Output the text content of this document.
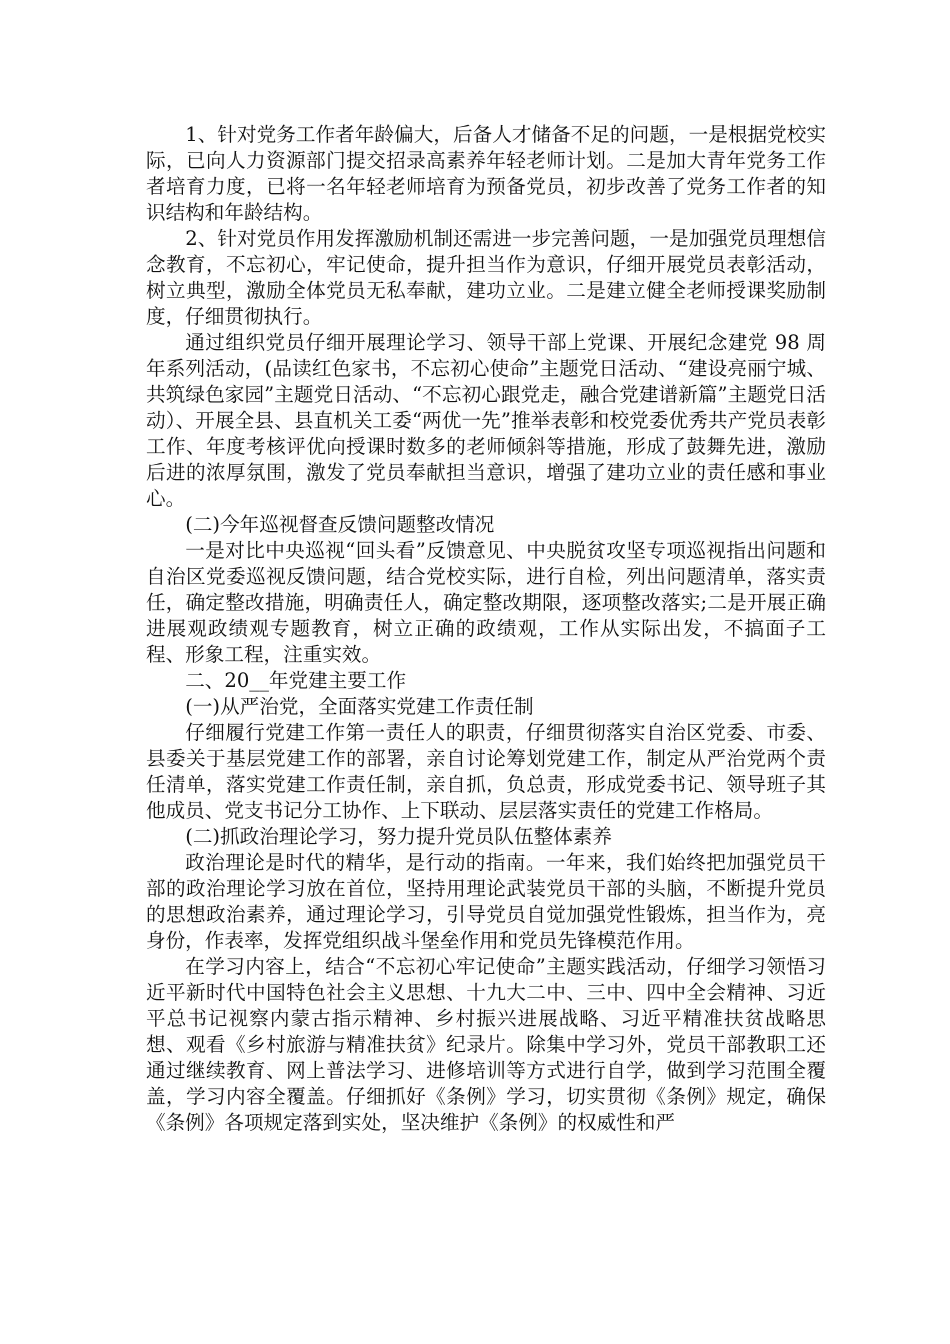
1、针对党务工作者年龄偏大，后备人才储备不足的问题，一是根据党校实际，已向人力资源部门提交招录高素养年轻老师计划。二是加大青年党务工作者培育力度，已将一名年轻老师培育为预备党员，初步改善了党务工作者的知识结构和年龄结构。

2、针对党员作用发挥激励机制还需进一步完善问题，一是加强党员理想信念教育，不忘初心，牢记使命，提升担当作为意识，仔细开展党员表彰活动，树立典型，激励全体党员无私奉献，建功立业。二是建立健全老师授课奖励制度，仔细贯彻执行。

通过组织党员仔细开展理论学习、领导干部上党课、开展纪念建党 98 周年系列活动，(品读红色家书，不忘初心使命”主题党日活动、“建设亮丽宁城、共筑绿色家园”主题党日活动、“不忘初心跟党走，融合党建谱新篇”主题党日活动）、开展全县、县直机关工委“两优一先”推举表彰和校党委优秀共产党员表彰工作、年度考核评优向授课时数多的老师倾斜等措施，形成了鼓舞先进，激励后进的浓厚氛围，激发了党员奉献担当意识，增强了建功立业的责任感和事业心。

(二)今年巡视督查反馈问题整改情况

一是对比中央巡视“回头看”反馈意见、中央脱贫攻坚专项巡视指出问题和自治区党委巡视反馈问题，结合党校实际，进行自检，列出问题清单，落实责任，确定整改措施，明确责任人，确定整改期限，逐项整改落实;二是开展正确进展观政绩观专题教育，树立正确的政绩观，工作从实际出发，不搞面子工程、形象工程，注重实效。

二、20__年党建主要工作

(一)从严治党，全面落实党建工作责任制

仔细履行党建工作第一责任人的职责，仔细贯彻落实自治区党委、市委、县委关于基层党建工作的部署，亲自讨论筹划党建工作，制定从严治党两个责任清单，落实党建工作责任制，亲自抓，负总责，形成党委书记、领导班子其他成员、党支书记分工协作、上下联动、层层落实责任的党建工作格局。

(二)抓政治理论学习，努力提升党员队伍整体素养

政治理论是时代的精华，是行动的指南。一年来，我们始终把加强党员干部的政治理论学习放在首位，坚持用理论武装党员干部的头脑，不断提升党员的思想政治素养，通过理论学习，引导党员自觉加强党性锻炼，担当作为，亮身份，作表率，发挥党组织战斗堡垒作用和党员先锋模范作用。

在学习内容上，结合“不忘初心牢记使命”主题实践活动，仔细学习领悟习近平新时代中国特色社会主义思想、十九大二中、三中、四中全会精神、习近平总书记视察内蒙古指示精神、乡村振兴进展战略、习近平精准扶贫战略思想、观看《乡村旅游与精准扶贫》纪录片。除集中学习外，党员干部教职工还通过继续教育、网上普法学习、进修培训等方式进行自学，做到学习范围全覆盖，学习内容全覆盖。仔细抓好《条例》学习，切实贯彻《条例》规定，确保《条例》各项规定落到实处，坚决维护《条例》的权威性和严
